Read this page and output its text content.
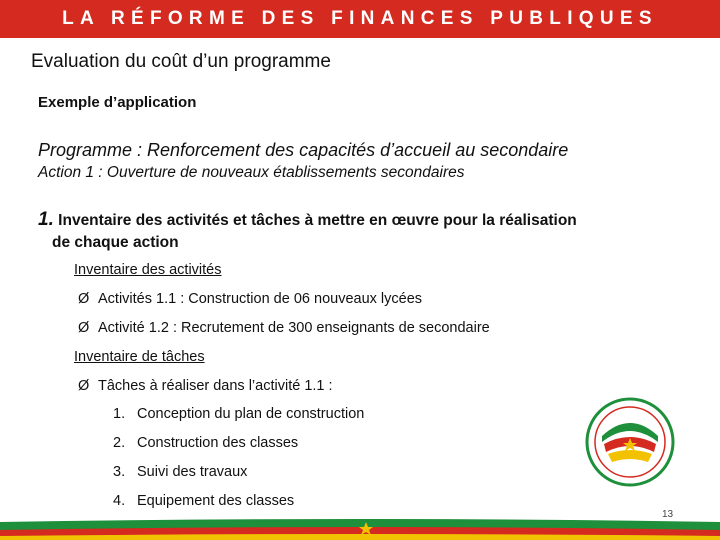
LA RÉFORME DES FINANCES PUBLIQUES
Evaluation du coût d’un programme
Exemple d’application
Programme : Renforcement des capacités d’accueil au secondaire
Action 1 : Ouverture de nouveaux établissements secondaires
1. Inventaire des activités et tâches à mettre en œuvre pour la réalisation
de chaque action
Inventaire des activités
Ø Activités 1.1 : Construction de 06 nouveaux lycées
Ø Activité 1.2 : Recrutement de 300 enseignants de secondaire
Inventaire de tâches
Ø Tâches à réaliser dans l’activité 1.1 :
1. Conception du plan de construction
2. Construction des classes
3. Suivi des travaux
4. Equipement des classes
13
